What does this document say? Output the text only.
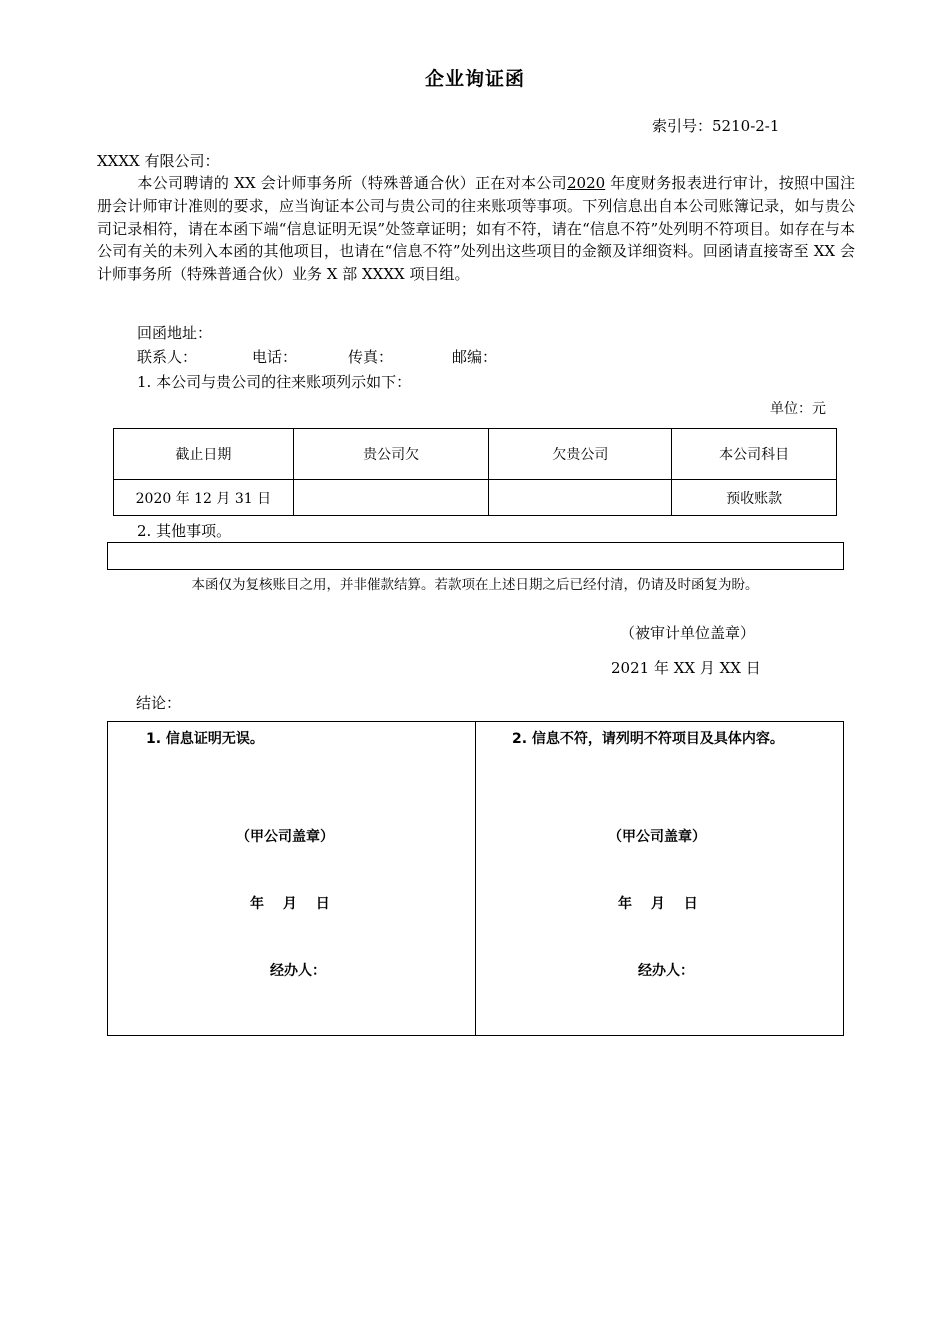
企业询证函
索引号：5210-2-1
XXXX 有限公司：
本公司聘请的 XX 会计师事务所（特殊普通合伙）正在对本公司2020 年度财务报表进行审计，按照中国注册会计师审计准则的要求，应当询证本公司与贵公司的往来账项等事项。下列信息出自本公司账簿记录，如与贵公司记录相符，请在本函下端“信息证明无误”处签章证明；如有不符，请在“信息不符”处列明不符项目。如存在与本公司有关的未列入本函的其他项目，也请在“信息不符”处列出这些项目的金额及详细资料。回函请直接寄至 XX 会计师事务所（特殊普通合伙）业务 X 部 XXXX 项目组。
回函地址：
联系人：	电话：	传真：	邮编：
1. 本公司与贵公司的往来账项列示如下：
单位：元
截止日期	贵公司欠	欠贵公司	本公司科目
2020 年 12 月 31 日			预收账款
2. 其他事项。
本函仅为复核账目之用，并非催款结算。若款项在上述日期之后已经付清，仍请及时函复为盼。
（被审计单位盖章）
2021 年 XX 月 XX 日
结论：
1. 信息证明无误。
（甲公司盖章）
年 月 日
经办人：
2. 信息不符，请列明不符项目及具体内容。
（甲公司盖章）
年 月 日
经办人：
